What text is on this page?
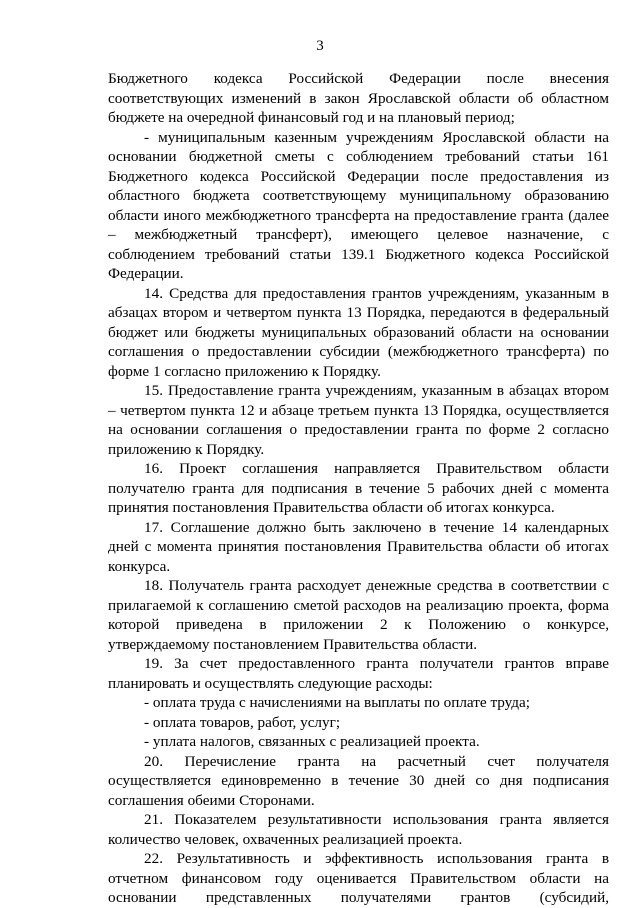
3

Бюджетного кодекса Российской Федерации после внесения соответствующих изменений в закон Ярославской области об областном бюджете на очередной финансовый год и на плановый период;

- муниципальным казенным учреждениям Ярославской области на основании бюджетной сметы с соблюдением требований статьи 161 Бюджетного кодекса Российской Федерации после предоставления из областного бюджета соответствующему муниципальному образованию области иного межбюджетного трансферта на предоставление гранта (далее – межбюджетный трансферт), имеющего целевое назначение, с соблюдением требований статьи 139.1 Бюджетного кодекса Российской Федерации.

14. Средства для предоставления грантов учреждениям, указанным в абзацах втором и четвертом пункта 13 Порядка, передаются в федеральный бюджет или бюджеты муниципальных образований области на основании соглашения о предоставлении субсидии (межбюджетного трансферта) по форме 1 согласно приложению к Порядку.

15. Предоставление гранта учреждениям, указанным в абзацах втором – четвертом пункта 12 и абзаце третьем пункта 13 Порядка, осуществляется на основании соглашения о предоставлении гранта по форме 2 согласно приложению к Порядку.

16. Проект соглашения направляется Правительством области получателю гранта для подписания в течение 5 рабочих дней с момента принятия постановления Правительства области об итогах конкурса.

17. Соглашение должно быть заключено в течение 14 календарных дней с момента принятия постановления Правительства области об итогах конкурса.

18. Получатель гранта расходует денежные средства в соответствии с прилагаемой к соглашению сметой расходов на реализацию проекта, форма которой приведена в приложении 2 к Положению о конкурсе, утверждаемому постановлением Правительства области.

19. За счет предоставленного гранта получатели грантов вправе планировать и осуществлять следующие расходы:

- оплата труда с начислениями на выплаты по оплате труда;

- оплата товаров, работ, услуг;

- уплата налогов, связанных с реализацией проекта.

20. Перечисление гранта на расчетный счет получателя осуществляется единовременно в течение 30 дней со дня подписания соглашения обеими Сторонами.

21. Показателем результативности использования гранта является количество человек, охваченных реализацией проекта.

22. Результативность и эффективность использования гранта в отчетном финансовом году оценивается Правительством области на основании представленных получателями грантов (субсидий,
